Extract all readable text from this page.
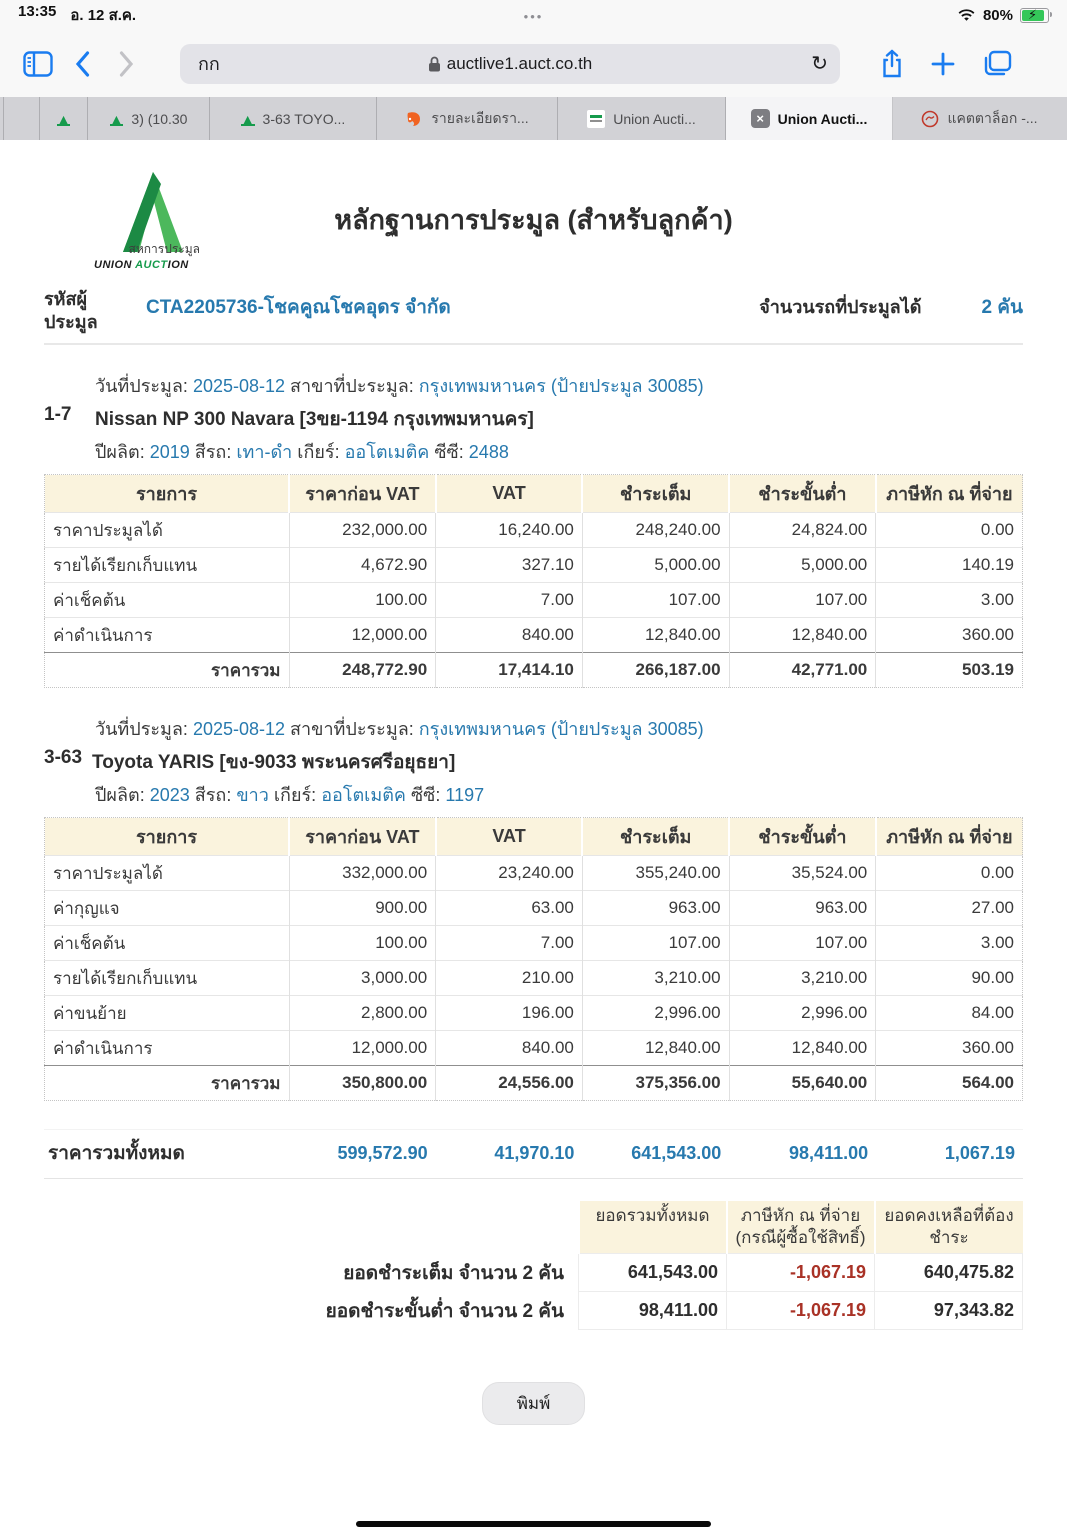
13:35 อ. 12 ส.ค.	•••	80% ⚡
กก	auctlive1.auct.co.th	↻
▲	▲ 3) (10.30	▲ 3-63 TOYO...	รายละเอียดรา...	Union Aucti...	× Union Aucti...	แคตตาล็อก -...
สหการประมูล
UNION AUCTION
หลักฐานการประมูล (สำหรับลูกค้า)
รหัสผู้
ประมูล
CTA2205736-โชคคูณโชคอุดร จำกัด	จำนวนรถที่ประมูลได้	2 คัน
วันที่ประมูล: 2025-08-12 สาขาที่ปะระมูล: กรุงเทพมหานคร (ป้ายประมูล 30085)
1-7	Nissan NP 300 Navara [3ขย-1194 กรุงเทพมหานคร]
ปีผลิต: 2019 สีรถ: เทา-ดำ เกียร์: ออโตเมติค ซีซี: 2488
รายการ	ราคาก่อน VAT	VAT	ชำระเต็ม	ชำระขั้นต่ำ	ภาษีหัก ณ ที่จ่าย
ราคาประมูลได้	232,000.00	16,240.00	248,240.00	24,824.00	0.00
รายได้เรียกเก็บแทน	4,672.90	327.10	5,000.00	5,000.00	140.19
ค่าเช็คต้น	100.00	7.00	107.00	107.00	3.00
ค่าดำเนินการ	12,000.00	840.00	12,840.00	12,840.00	360.00
ราคารวม	248,772.90	17,414.10	266,187.00	42,771.00	503.19
วันที่ประมูล: 2025-08-12 สาขาที่ปะระมูล: กรุงเทพมหานคร (ป้ายประมูล 30085)
3-63 Toyota YARIS [ขง-9033 พระนครศรีอยุธยา]
ปีผลิต: 2023 สีรถ: ขาว เกียร์: ออโตเมติค ซีซี: 1197
รายการ	ราคาก่อน VAT	VAT	ชำระเต็ม	ชำระขั้นต่ำ	ภาษีหัก ณ ที่จ่าย
ราคาประมูลได้	332,000.00	23,240.00	355,240.00	35,524.00	0.00
ค่ากุญแจ	900.00	63.00	963.00	963.00	27.00
ค่าเช็คต้น	100.00	7.00	107.00	107.00	3.00
รายได้เรียกเก็บแทน	3,000.00	210.00	3,210.00	3,210.00	90.00
ค่าขนย้าย	2,800.00	196.00	2,996.00	2,996.00	84.00
ค่าดำเนินการ	12,000.00	840.00	12,840.00	12,840.00	360.00
ราคารวม	350,800.00	24,556.00	375,356.00	55,640.00	564.00
ราคารวมทั้งหมด	599,572.90	41,970.10	641,543.00	98,411.00	1,067.19
	ยอดรวมทั้งหมด	ภาษีหัก ณ ที่จ่าย (กรณีผู้ซื้อใช้สิทธิ์)	ยอดคงเหลือที่ต้อง ชำระ
ยอดชำระเต็ม จำนวน 2 คัน	641,543.00	-1,067.19	640,475.82
ยอดชำระขั้นต่ำ จำนวน 2 คัน	98,411.00	-1,067.19	97,343.82
พิมพ์
